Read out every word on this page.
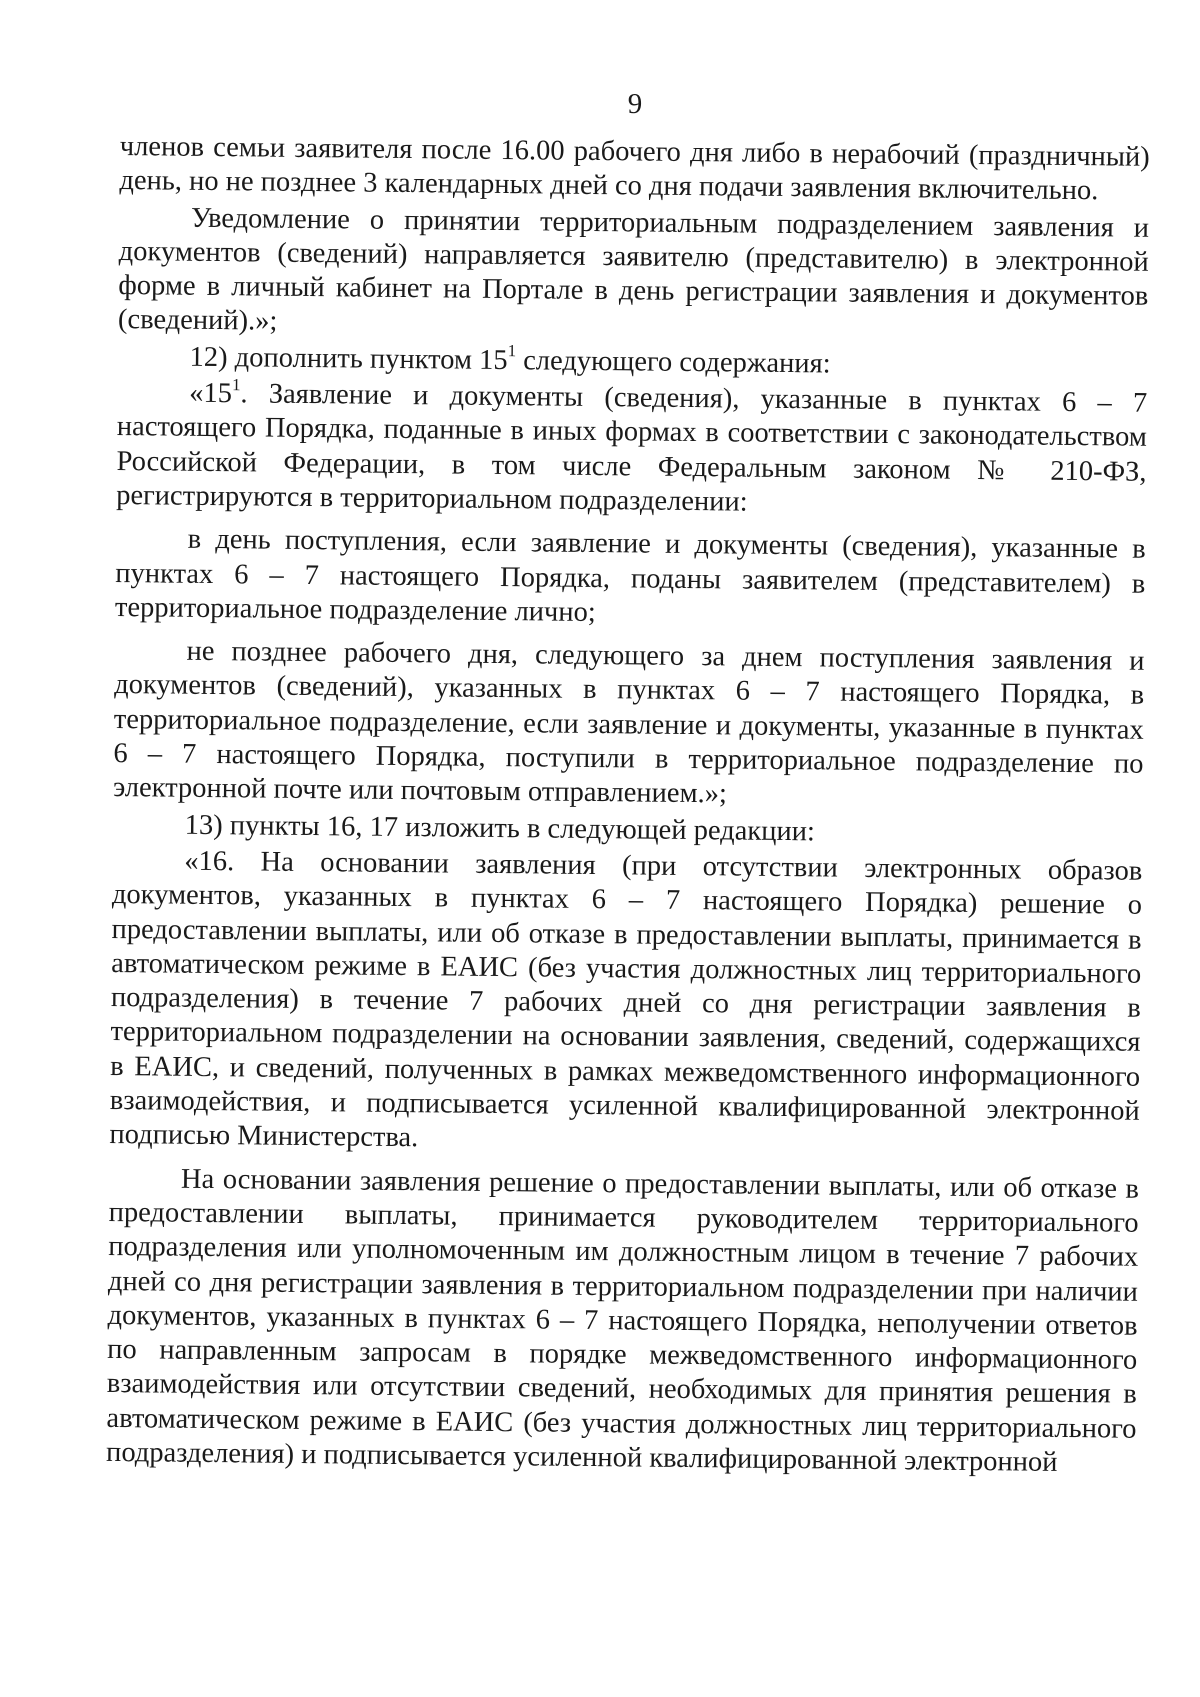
9

членов семьи заявителя после 16.00 рабочего дня либо в нерабочий (праздничный) день, но не позднее 3 календарных дней со дня подачи заявления включительно.

Уведомление о принятии территориальным подразделением заявления и документов (сведений) направляется заявителю (представителю) в электронной форме в личный кабинет на Портале в день регистрации заявления и документов (сведений).»;

12) дополнить пунктом $15^1$ следующего содержания:

«$15^1$. Заявление и документы (сведения), указанные в пунктах 6 – 7 настоящего Порядка, поданные в иных формах в соответствии с законодательством Российской Федерации, в том числе Федеральным законом № 210-ФЗ, регистрируются в территориальном подразделении:

в день поступления, если заявление и документы (сведения), указанные в пунктах 6 – 7 настоящего Порядка, поданы заявителем (представителем) в территориальное подразделение лично;

не позднее рабочего дня, следующего за днем поступления заявления и документов (сведений), указанных в пунктах 6 – 7 настоящего Порядка, в территориальное подразделение, если заявление и документы, указанные в пунктах 6 – 7 настоящего Порядка, поступили в территориальное подразделение по электронной почте или почтовым отправлением.»;

13) пункты 16, 17 изложить в следующей редакции:

«16. На основании заявления (при отсутствии электронных образов документов, указанных в пунктах 6 – 7 настоящего Порядка) решение о предоставлении выплаты, или об отказе в предоставлении выплаты, принимается в автоматическом режиме в ЕАИС (без участия должностных лиц территориального подразделения) в течение 7 рабочих дней со дня регистрации заявления в территориальном подразделении на основании заявления, сведений, содержащихся в ЕАИС, и сведений, полученных в рамках межведомственного информационного взаимодействия, и подписывается усиленной квалифицированной электронной подписью Министерства.

На основании заявления решение о предоставлении выплаты, или об отказе в предоставлении выплаты, принимается руководителем территориального подразделения или уполномоченным им должностным лицом в течение 7 рабочих дней со дня регистрации заявления в территориальном подразделении при наличии документов, указанных в пунктах 6 – 7 настоящего Порядка, неполучении ответов по направленным запросам в порядке межведомственного информационного взаимодействия или отсутствии сведений, необходимых для принятия решения в автоматическом режиме в ЕАИС (без участия должностных лиц территориального подразделения) и подписывается усиленной квалифицированной электронной
